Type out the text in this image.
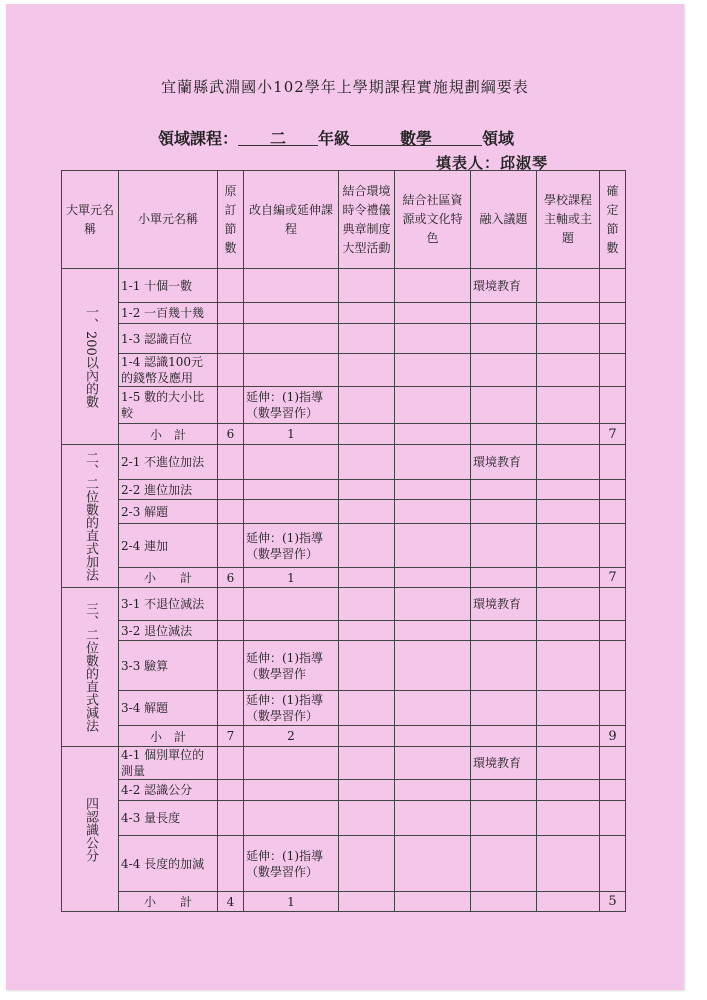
宜蘭縣武淵國小102學年上學期課程實施規劃綱要表
領域課程： 二 年級	數學	領域
填表人：邱淑琴
大單元名稱	小單元名稱	原訂節數	改自編或延伸課程	結合環境時令禮儀典章制度大型活動	結合社區資源或文化特色	融入議題	學校課程主軸或主題	確定節數

一、200以內的數	1-1 十個一數					環境教育		
	1-2 一百幾十幾							
	1-3 認識百位							
	1-4 認識100元的錢幣及應用							
	1-5 數的大小比較		延伸：(1)指導（數學習作）					
	小　計	6	1					7

二、二位數的直式加法	2-1 不進位加法					環境教育		
	2-2 進位加法							
	2-3 解題							
	2-4 連加		延伸：(1)指導（數學習作）					
	小　　計	6	1					7

三、二位數的直式減法	3-1 不退位減法					環境教育		
	3-2 退位減法							
	3-3 驗算		延伸：(1)指導（數學習作					
	3-4 解題		延伸：(1)指導（數學習作）					
	小　計	7	2					9

四認識公分	4-1 個別單位的測量					環境教育		
	4-2 認識公分							
	4-3 量長度							
	4-4 長度的加減		延伸：(1)指導（數學習作）					
	小　　計	4	1					5
